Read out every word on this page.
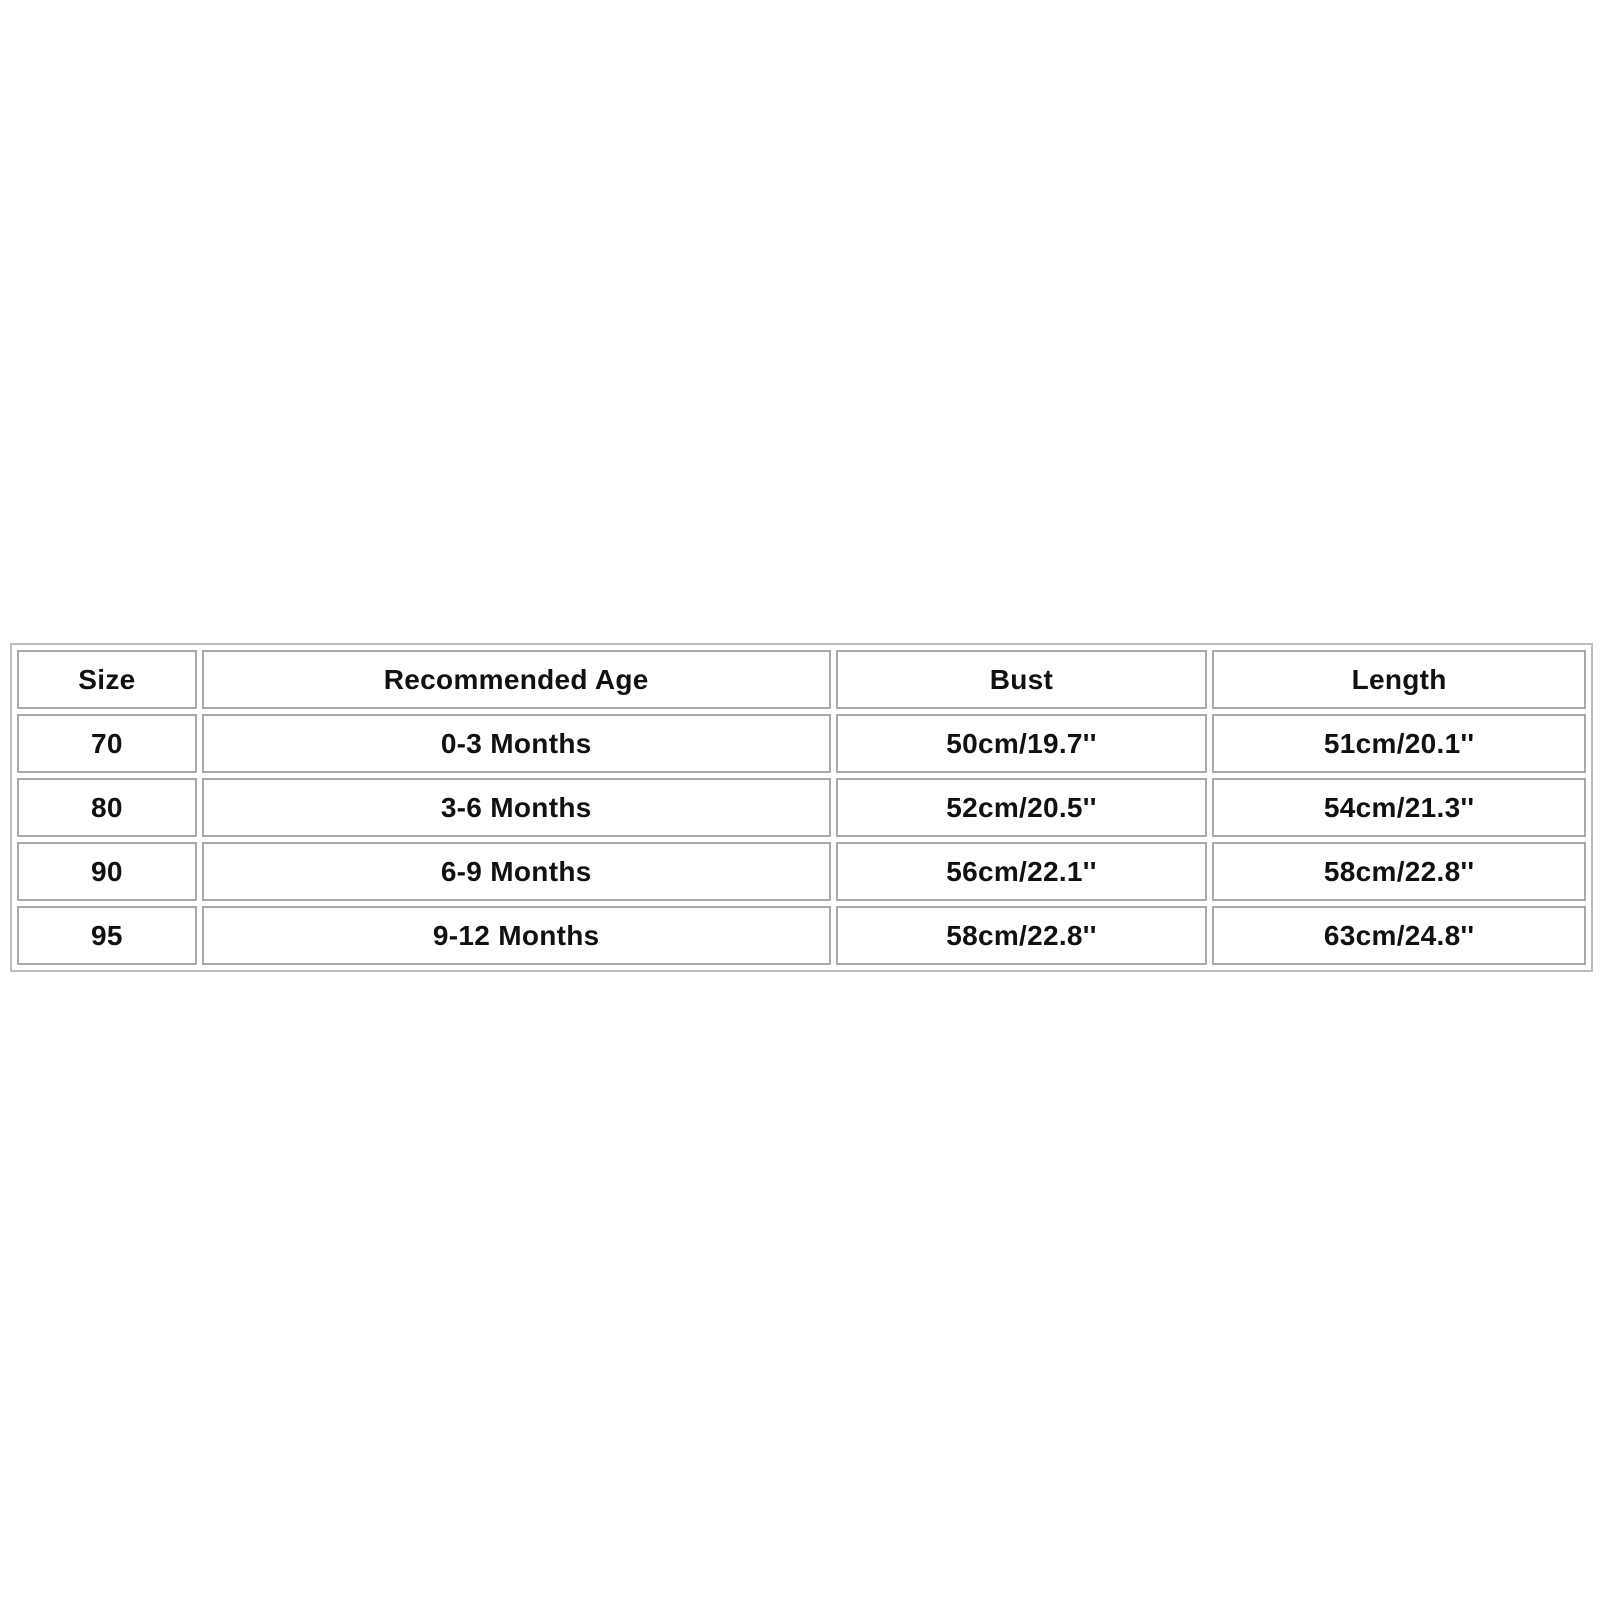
Size	Recommended Age	Bust	Length
70	0-3 Months	50cm/19.7''	51cm/20.1''
80	3-6 Months	52cm/20.5''	54cm/21.3''
90	6-9 Months	56cm/22.1''	58cm/22.8''
95	9-12 Months	58cm/22.8''	63cm/24.8''
